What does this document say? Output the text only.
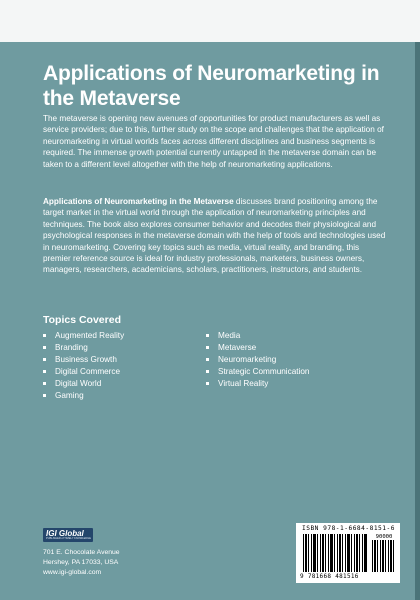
Applications of Neuromarketing in the Metaverse
The metaverse is opening new avenues of opportunities for product manufacturers as well as service providers; due to this, further study on the scope and challenges that the application of neuromarketing in virtual worlds faces across different disciplines and business segments is required. The immense growth potential currently untapped in the metaverse domain can be taken to a different level altogether with the help of neuromarketing applications.
Applications of Neuromarketing in the Metaverse discusses brand positioning among the target market in the virtual world through the application of neuromarketing principles and techniques. The book also explores consumer behavior and decodes their physiological and psychological responses in the metaverse domain with the help of tools and technologies used in neuromarketing. Covering key topics such as media, virtual reality, and branding, this premier reference source is ideal for industry professionals, marketers, business owners, managers, researchers, academicians, scholars, practitioners, instructors, and students.
Topics Covered
Augmented Reality
Branding
Business Growth
Digital Commerce
Digital World
Gaming
Media
Metaverse
Neuromarketing
Strategic Communication
Virtual Reality
IGI Global
PUBLISHER of TIMELY KNOWLEDGE
701 E. Chocolate Avenue
Hershey, PA 17033, USA
www.igi-global.com
ISBN 978-1-6684-8151-6
90000
9 781668 481516
